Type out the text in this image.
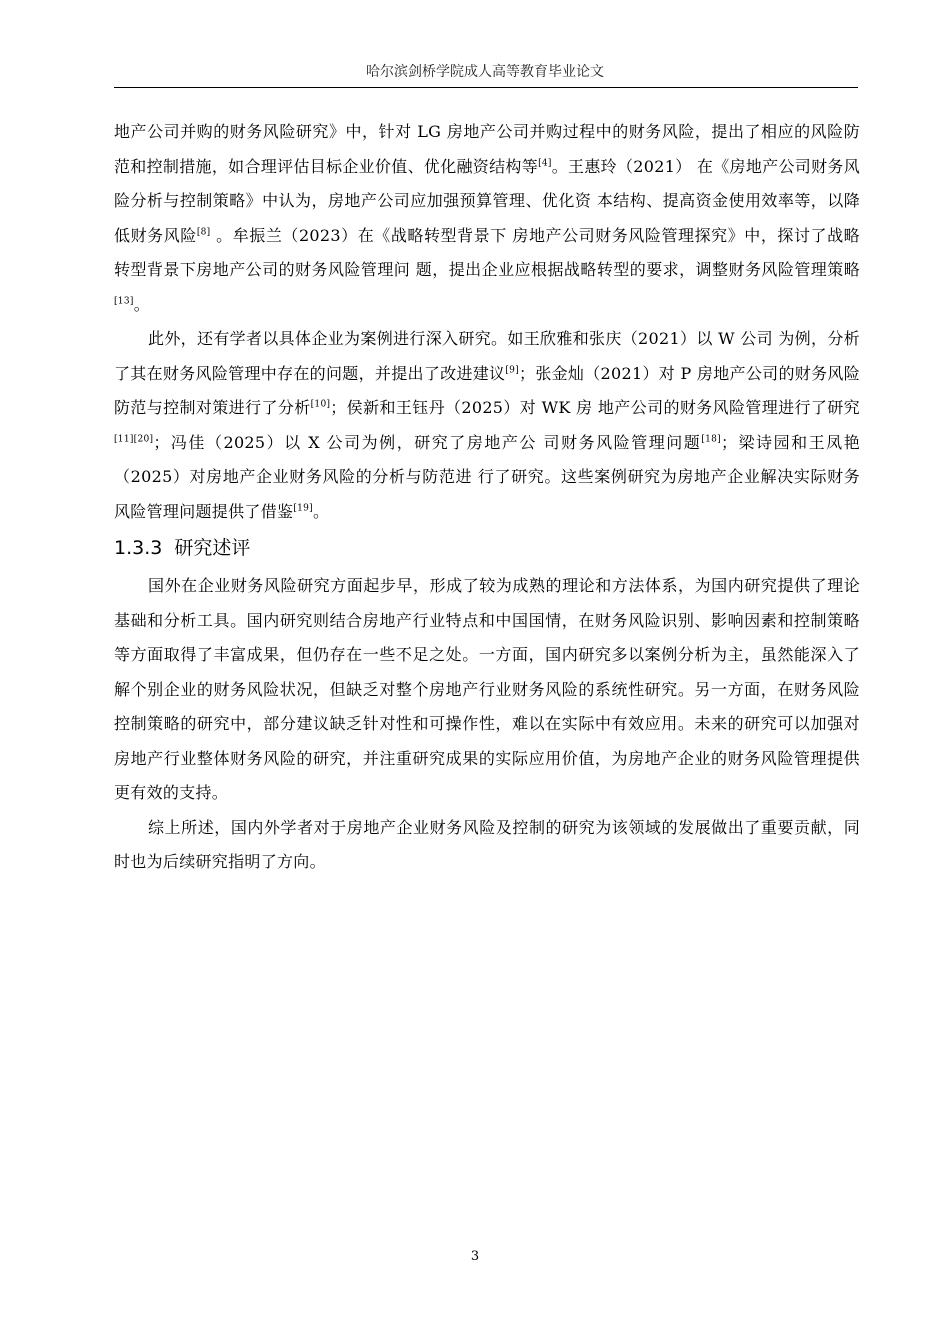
哈尔滨剑桥学院成人高等教育毕业论文

地产公司并购的财务风险研究》中，针对 LG 房地产公司并购过程中的财务风险，提出了相应的风险防范和控制措施，如合理评估目标企业价值、优化融资结构等[4]。王惠玲（2021） 在《房地产公司财务风险分析与控制策略》中认为，房地产公司应加强预算管理、优化资 本结构、提高资金使用效率等，以降低财务风险[8] 。牟振兰（2023）在《战略转型背景下 房地产公司财务风险管理探究》中，探讨了战略转型背景下房地产公司的财务风险管理问 题，提出企业应根据战略转型的要求，调整财务风险管理策略[13]。

此外，还有学者以具体企业为案例进行深入研究。如王欣雅和张庆（2021）以 W 公司 为例，分析了其在财务风险管理中存在的问题，并提出了改进建议[9]；张金灿（2021）对 P 房地产公司的财务风险防范与控制对策进行了分析[10]；侯新和王钰丹（2025）对 WK 房 地产公司的财务风险管理进行了研究[11][20]；冯佳（2025）以 X 公司为例，研究了房地产公 司财务风险管理问题[18]；梁诗园和王凤艳（2025）对房地产企业财务风险的分析与防范进 行了研究。这些案例研究为房地产企业解决实际财务风险管理问题提供了借鉴[19]。

1.3.3 研究述评

国外在企业财务风险研究方面起步早，形成了较为成熟的理论和方法体系，为国内研究提供了理论基础和分析工具。国内研究则结合房地产行业特点和中国国情，在财务风险识别、影响因素和控制策略等方面取得了丰富成果，但仍存在一些不足之处。一方面，国内研究多以案例分析为主，虽然能深入了解个别企业的财务风险状况，但缺乏对整个房地产行业财务风险的系统性研究。另一方面，在财务风险控制策略的研究中，部分建议缺乏针对性和可操作性，难以在实际中有效应用。未来的研究可以加强对房地产行业整体财务风险的研究，并注重研究成果的实际应用价值，为房地产企业的财务风险管理提供更有效的支持。

综上所述，国内外学者对于房地产企业财务风险及控制的研究为该领域的发展做出了重要贡献，同时也为后续研究指明了方向。

3
